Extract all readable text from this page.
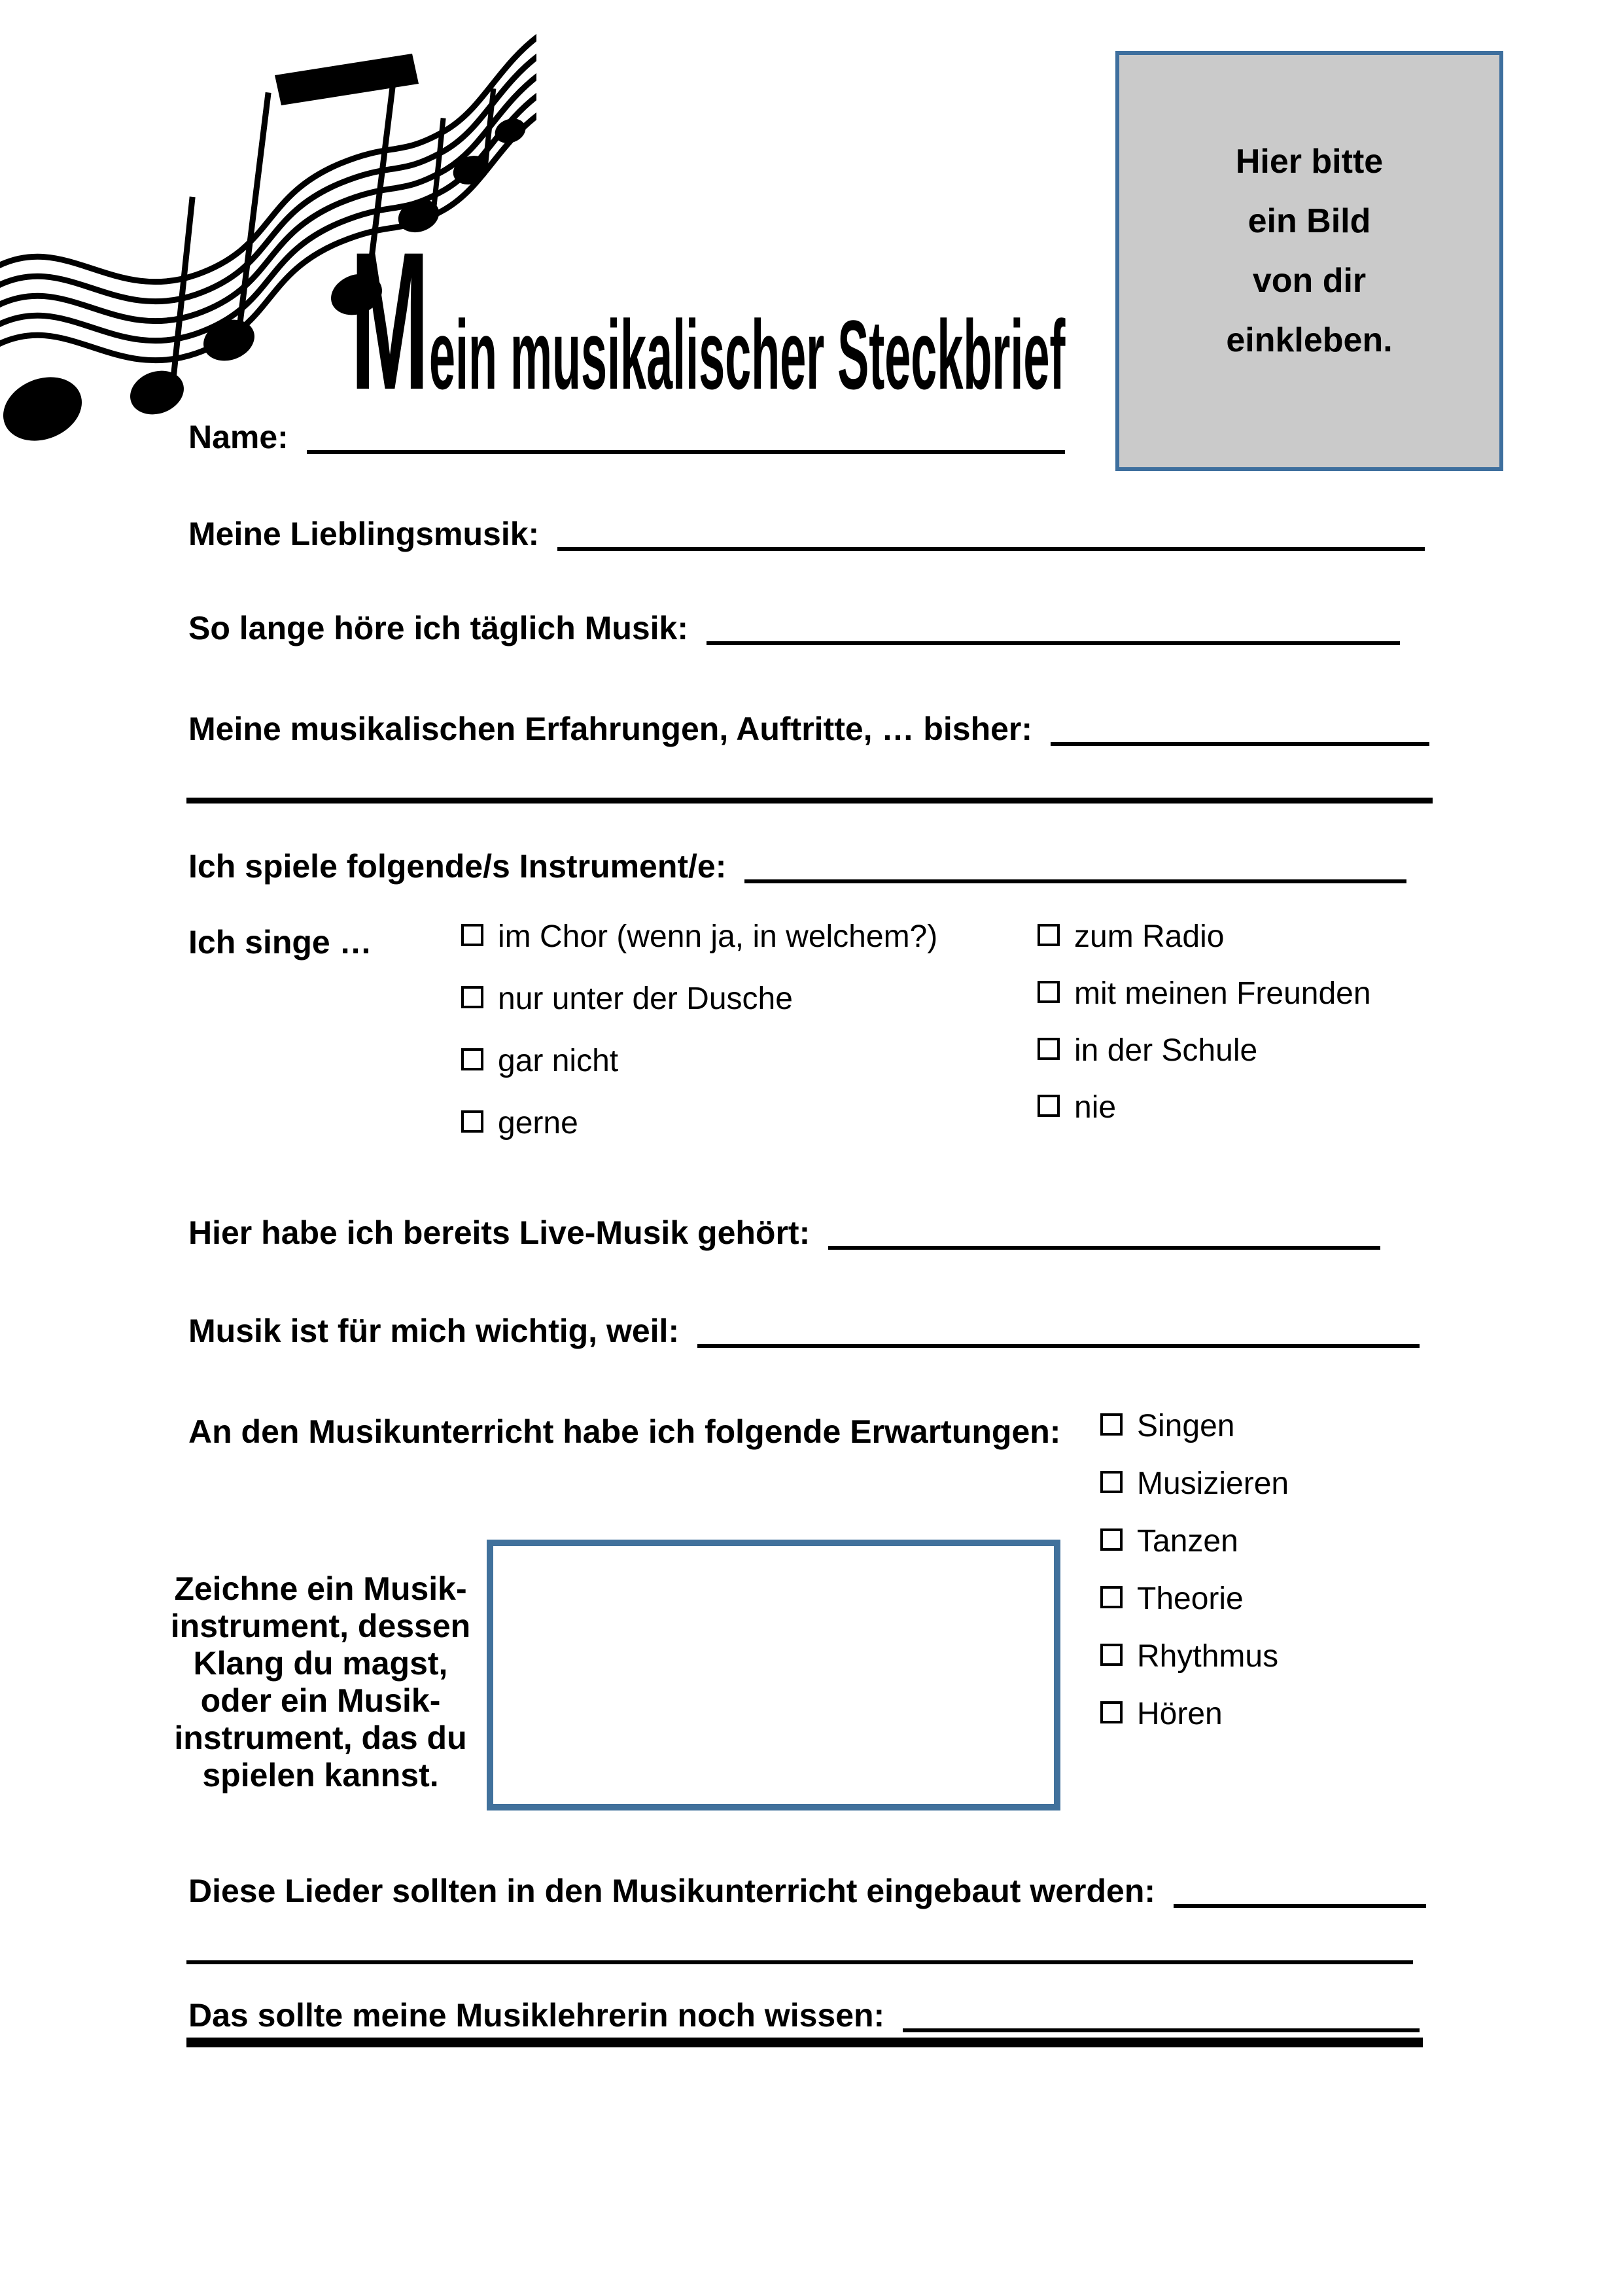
Mein musikalischer Steckbrief
Hier bitte
ein Bild
von dir
einkleben.
Name:
Meine Lieblingsmusik:
So lange höre ich täglich Musik:
Meine musikalischen Erfahrungen, Auftritte, … bisher:
Ich spiele folgende/s Instrument/e:
Ich singe …	im Chor (wenn ja, in welchem?)
nur unter der Dusche
gar nicht
gerne
zum Radio
mit meinen Freunden
in der Schule
nie
Hier habe ich bereits Live-Musik gehört:
Musik ist für mich wichtig, weil:
An den Musikunterricht habe ich folgende Erwartungen: Singen
Musizieren
Tanzen
Theorie
Rhythmus
Hören
Zeichne ein Musik-
instrument, dessen
Klang du magst,
oder ein Musik-
instrument, das du
spielen kannst.
Diese Lieder sollten in den Musikunterricht eingebaut werden:
Das sollte meine Musiklehrerin noch wissen:
